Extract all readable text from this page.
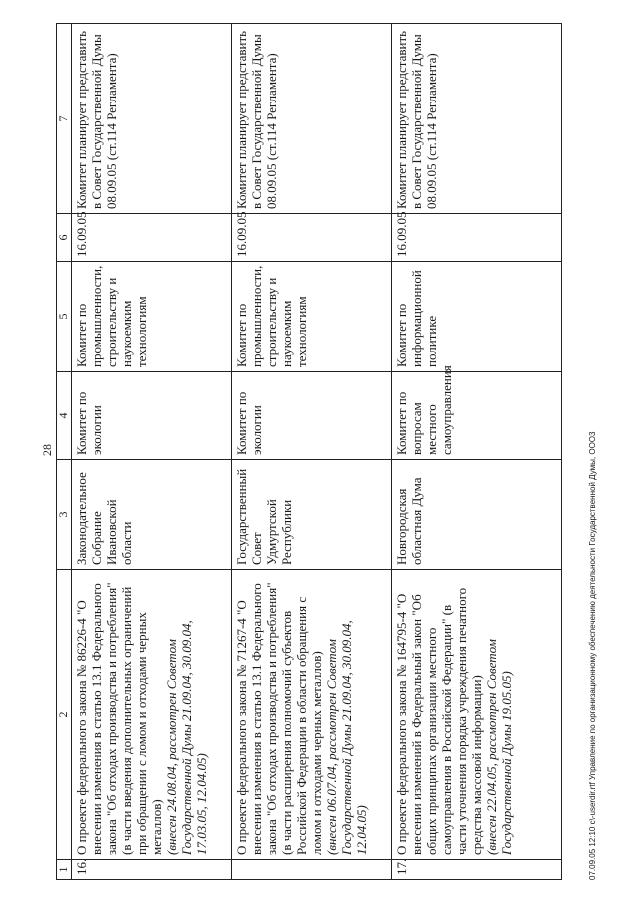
28
1	2	3	4	5	6	7
16.	О проекте федерального закона № 86226-4 "О внесении изменения в статью 13.1 Федерального закона "Об отходах производства и потребления" (в части введения дополнительных ограничений при обращении с ломом и отходами черных металлов) (внесен 24.08.04, рассмотрен Советом Государственной Думы 21.09.04, 30.09.04, 17.03.05, 12.04.05)	Законодательное Собрание Ивановской области	Комитет по экологии	Комитет по промышленности, строительству и наукоемким технологиям	16.09.05	Комитет планирует представить в Совет Государственной Думы 08.09.05 (ст.114 Регламента)

	О проекте федерального закона № 71267-4 "О внесении изменения в статью 13.1 Федерального закона "Об отходах производства и потребления" (в части расширения полномочий субъектов Российской Федерации в области обращения с ломом и отходами черных металлов) (внесен 06.07.04, рассмотрен Советом Государственной Думы 21.09.04, 30.09.04, 12.04.05)	Государственный Совет Удмуртской Республики	Комитет по экологии	Комитет по промышленности, строительству и наукоемким технологиям	16.09.05	Комитет планирует представить в Совет Государственной Думы 08.09.05 (ст.114 Регламента)
17.	О проекте федерального закона № 164795-4 "О внесении изменений в Федеральный закон "Об общих принципах организации местного самоуправления в Российской Федерации" (в части уточнения порядка учреждения печатного средства массовой информации) (внесен 22.04.05, рассмотрен Советом Государственной Думы 19.05.05)	Новгородская областная Дума	Комитет по вопросам местного самоуправления	Комитет по информационной политике	16.09.05	Комитет планирует представить в Совет Государственной Думы 08.09.05 (ст.114 Регламента)
07.09.05 12:10 c\-userdir.rtf Управление по организационному обеспечению деятельности Государственной Думы, ООО3
